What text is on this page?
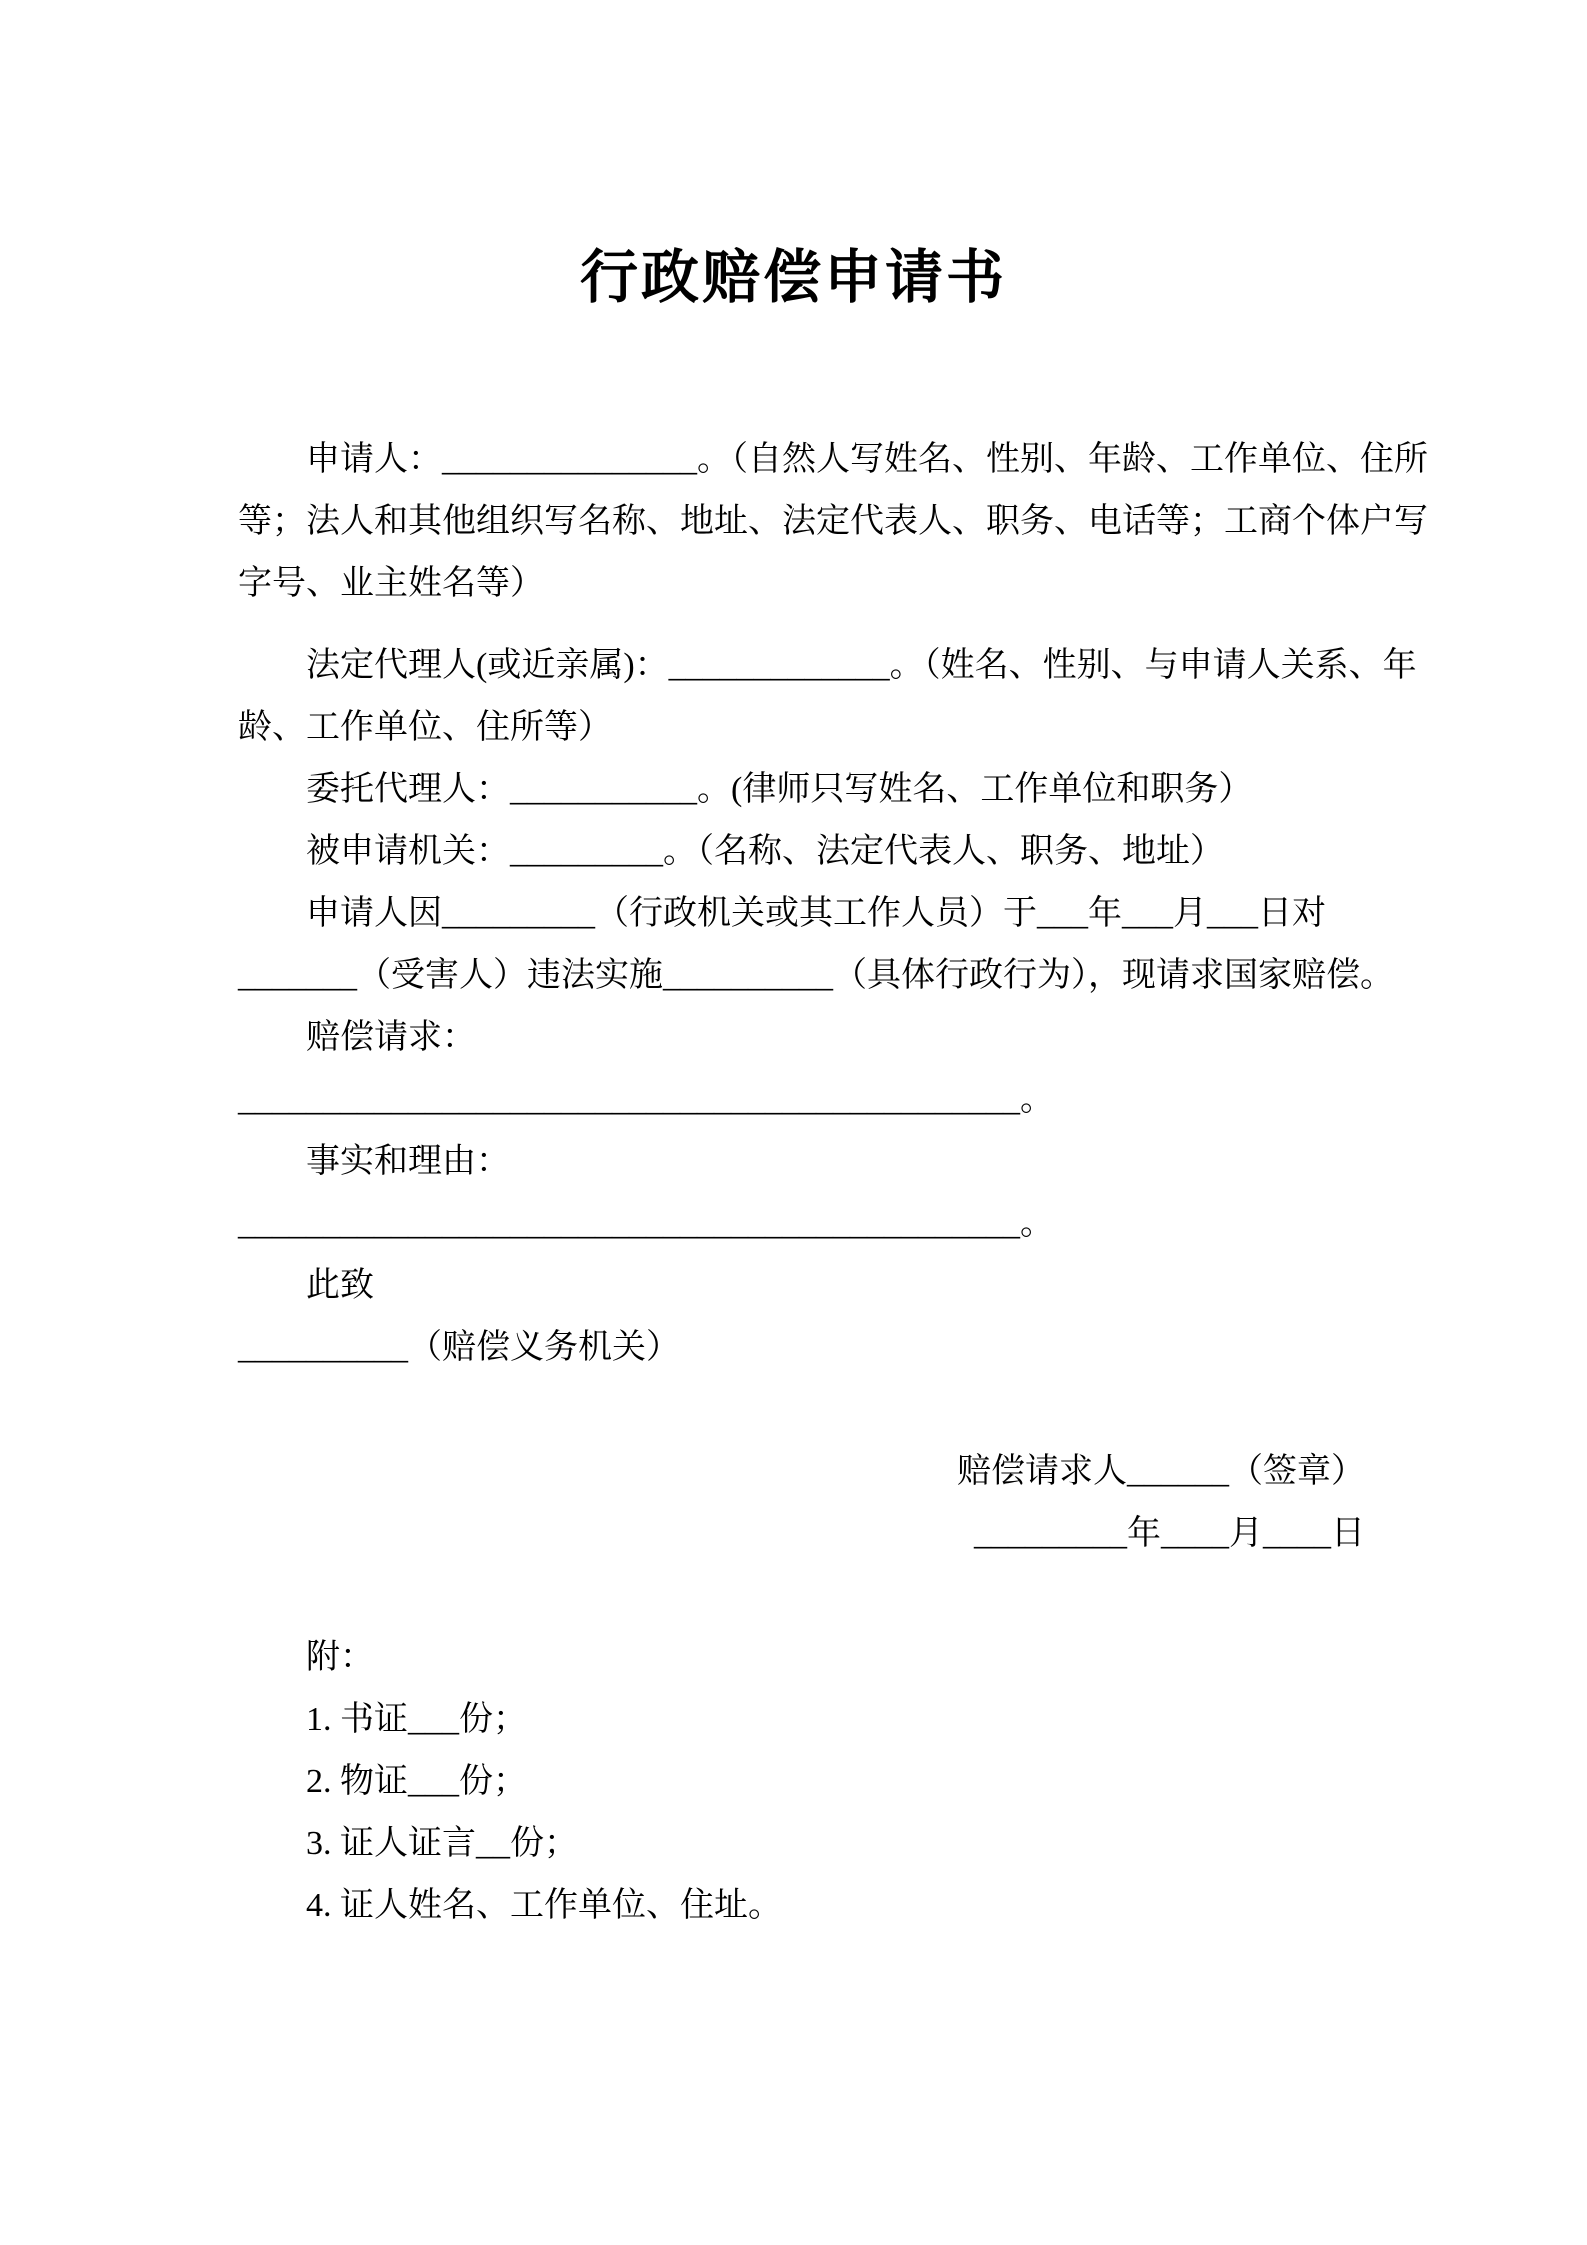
行政赔偿申请书

申请人：_______________。（自然人写姓名、性别、年龄、工作单位、住所等；法人和其他组织写名称、地址、法定代表人、职务、电话等；工商个体户写字号、业主姓名等）

法定代理人(或近亲属)：_____________。（姓名、性别、与申请人关系、年龄、工作单位、住所等）

委托代理人：___________。(律师只写姓名、工作单位和职务）

被申请机关：_________。（名称、法定代表人、职务、地址）

申请人因_________（行政机关或其工作人员）于___年___月___日对_______（受害人）违法实施__________（具体行政行为），现请求国家赔偿。

赔偿请求：

______________________________________________。

事实和理由：

______________________________________________。

此致

__________（赔偿义务机关）

赔偿请求人______（签章）

_________年____月____日

附：

1. 书证___份；

2. 物证___份；

3. 证人证言__份；

4. 证人姓名、工作单位、住址。
